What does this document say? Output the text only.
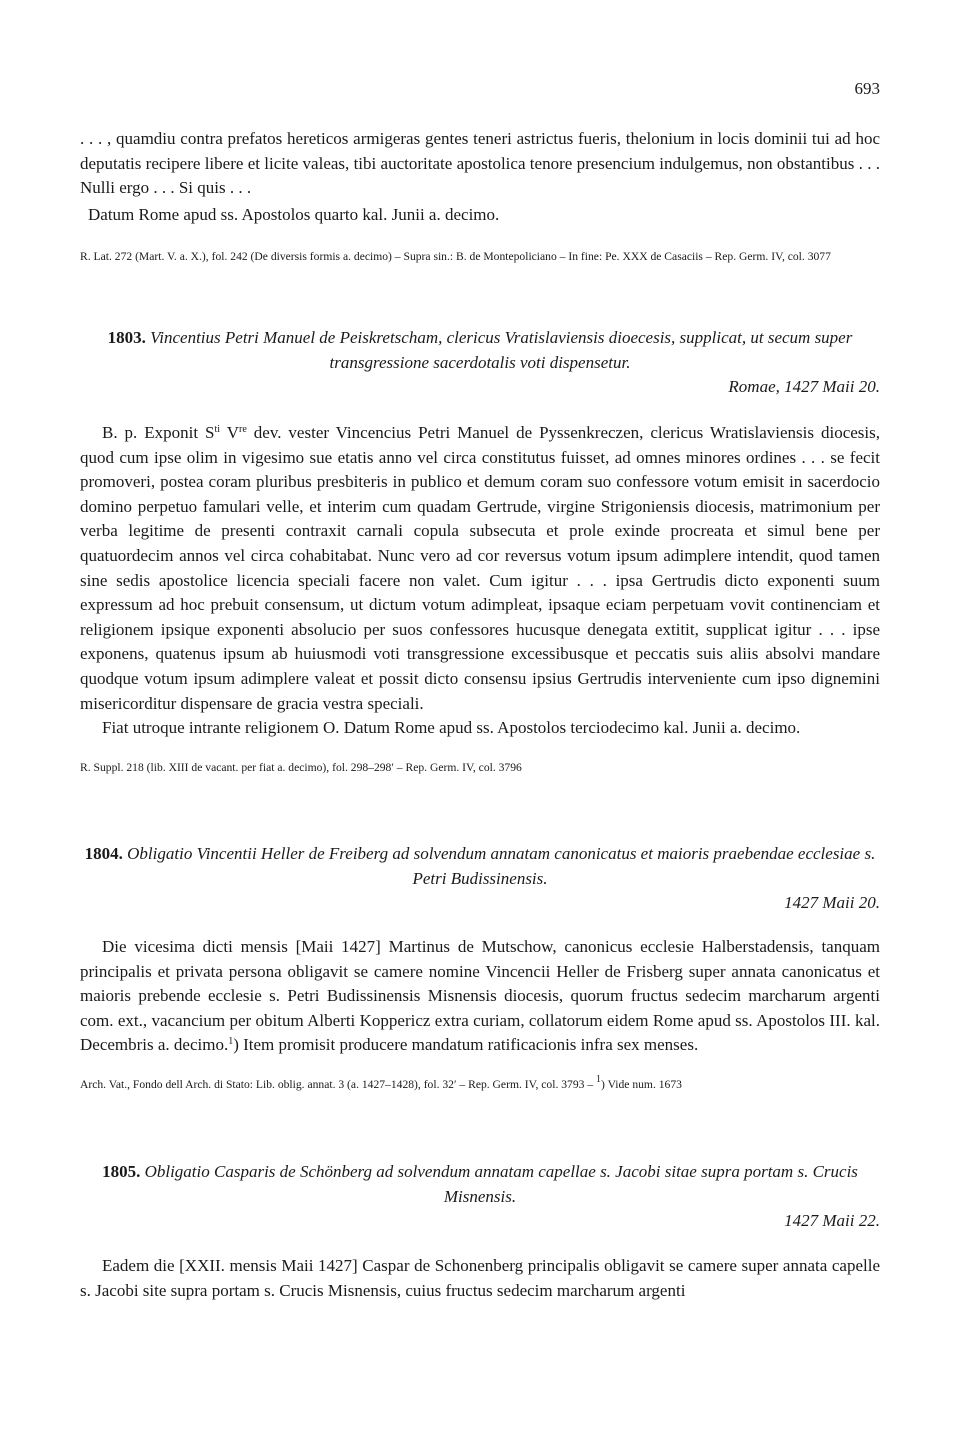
693

. . . , quamdiu contra prefatos hereticos armigeras gentes teneri astrictus fueris, thelonium in locis dominii tui ad hoc deputatis recipere libere et licite valeas, tibi auctoritate apostolica tenore presencium indulgemus, non obstantibus . . . Nulli ergo . . . Si quis . . .

Datum Rome apud ss. Apostolos quarto kal. Junii a. decimo.

R. Lat. 272 (Mart. V. a. X.), fol. 242 (De diversis formis a. decimo) – Supra sin.: B. de Montepoliciano – In fine: Pe. XXX de Casaciis – Rep. Germ. IV, col. 3077

1803. Vincentius Petri Manuel de Peiskretscham, clericus Vratislaviensis dioecesis, supplicat, ut secum super transgressione sacerdotalis voti dispensetur.

Romae, 1427 Maii 20.

B. p. Exponit $S^{ti}$ Vre dev. vester Vincencius Petri Manuel de Pyssenkreczen, clericus Wratislaviensis diocesis, quod cum ipse olim in vigesimo sue etatis anno vel circa constitutus fuisset, ad omnes minores ordines . . . se fecit promoveri, postea coram pluribus presbiteris in publico et demum coram suo confessore votum emisit in sacerdocio domino perpetuo famulari velle, et interim cum quadam Gertrude, virgine Strigoniensis diocesis, matrimonium per verba legitime de presenti contraxit carnali copula subsecuta et prole exinde procreata et simul bene per quatuordecim annos vel circa cohabitabat. Nunc vero ad cor reversus votum ipsum adimplere intendit, quod tamen sine sedis apostolice licencia speciali facere non valet. Cum igitur . . . ipsa Gertrudis dicto exponenti suum expressum ad hoc prebuit consensum, ut dictum votum adimpleat, ipsaque eciam perpetuam vovit continenciam et religionem ipsique exponenti absolucio per suos confessores hucusque denegata extitit, supplicat igitur . . . ipse exponens, quatenus ipsum ab huiusmodi voti transgressione excessibusque et peccatis suis aliis absolvi mandare quodque votum ipsum adimplere valeat et possit dicto consensu ipsius Gertrudis interveniente cum ipso dignemini misericorditur dispensare de gracia vestra speciali.

Fiat utroque intrante religionem O. Datum Rome apud ss. Apostolos terciodecimo kal. Junii a. decimo.

R. Suppl. 218 (lib. XIII de vacant. per fiat a. decimo), fol. 298–298′ – Rep. Germ. IV, col. 3796

1804. Obligatio Vincentii Heller de Freiberg ad solvendum annatam canonicatus et maioris praebendae ecclesiae s. Petri Budissinensis.

1427 Maii 20.

Die vicesima dicti mensis [Maii 1427] Martinus de Mutschow, canonicus ecclesie Halberstadensis, tanquam principalis et privata persona obligavit se camere nomine Vincencii Heller de Frisberg super annata canonicatus et maioris prebende ecclesie s. Petri Budissinensis Misnensis diocesis, quorum fructus sedecim marcharum argenti com. ext., vacancium per obitum Alberti Koppericz extra curiam, collatorum eidem Rome apud ss. Apostolos III. kal. Decembris a. decimo.$^1$) Item promisit producere mandatum ratificacionis infra sex menses.

Arch. Vat., Fondo dell Arch. di Stato: Lib. oblig. annat. 3 (a. 1427–1428), fol. 32′ – Rep. Germ. IV, col. 3793 – $^1$) Vide num. 1673

1805. Obligatio Casparis de Schönberg ad solvendum annatam capellae s. Jacobi sitae supra portam s. Crucis Misnensis.

1427 Maii 22.

Eadem die [XXII. mensis Maii 1427] Caspar de Schonenberg principalis obligavit se camere super annata capelle s. Jacobi site supra portam s. Crucis Misnensis, cuius fructus sedecim marcharum argenti
